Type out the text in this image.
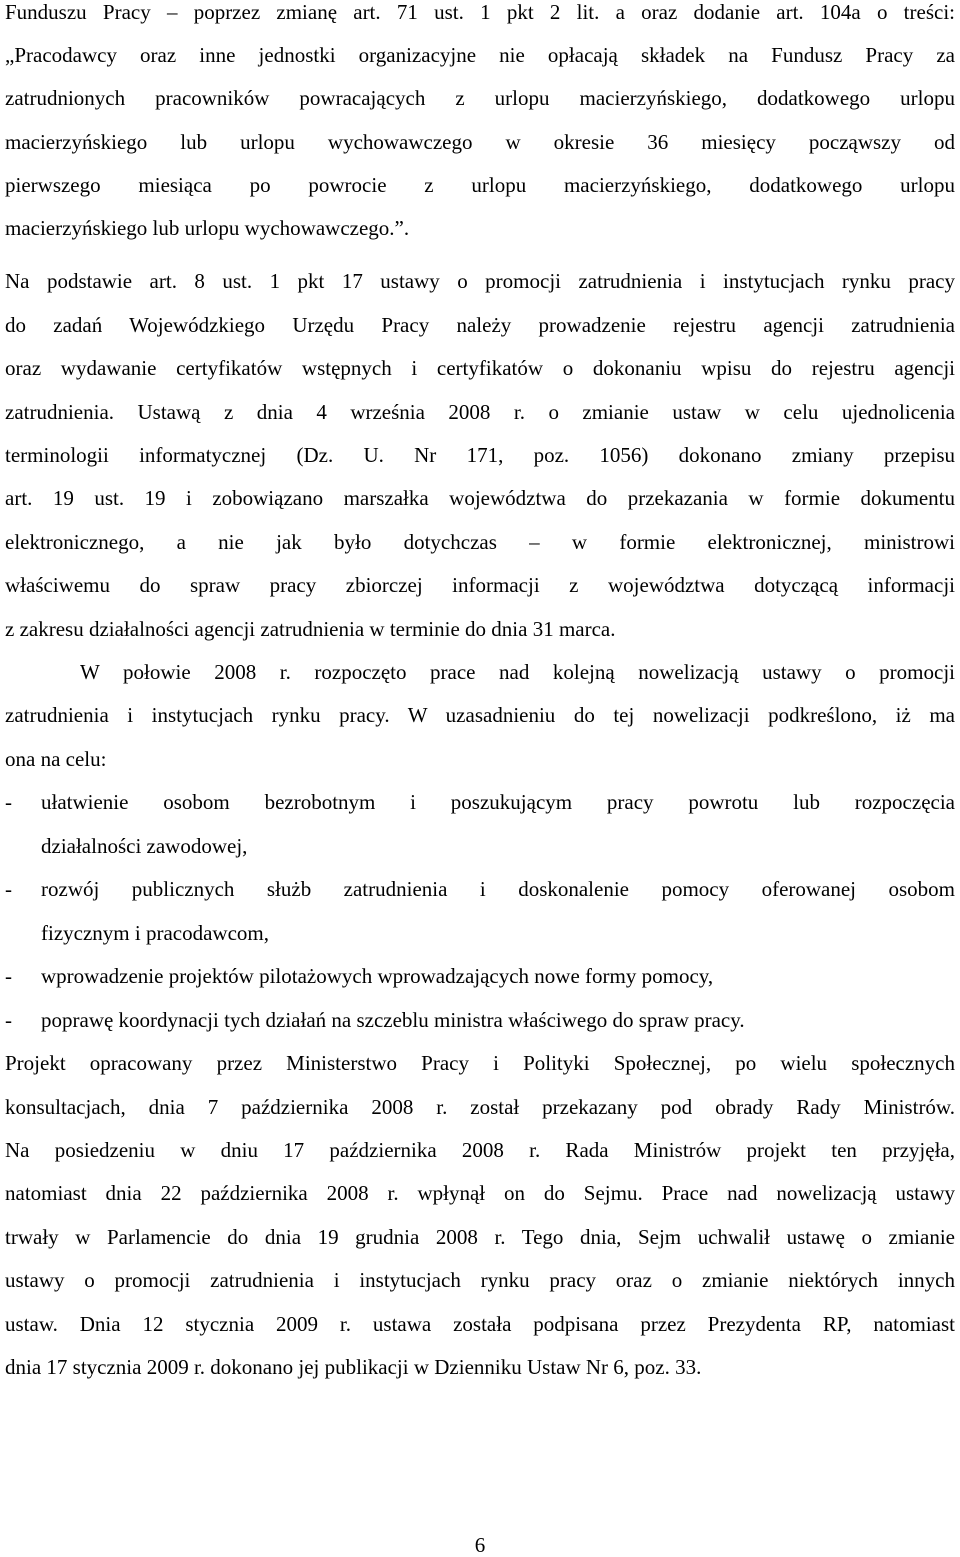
Funduszu Pracy – poprzez zmianę art. 71 ust. 1 pkt 2 lit. a oraz dodanie art. 104a o treści:
„Pracodawcy oraz inne jednostki organizacyjne nie opłacają składek na Fundusz Pracy za
zatrudnionych pracowników powracających z urlopu macierzyńskiego, dodatkowego urlopu
macierzyńskiego lub urlopu wychowawczego w okresie 36 miesięcy począwszy od
pierwszego miesiąca po powrocie z urlopu macierzyńskiego, dodatkowego urlopu
macierzyńskiego lub urlopu wychowawczego.”.
Na podstawie art. 8 ust. 1 pkt 17 ustawy o promocji zatrudnienia i instytucjach rynku pracy
do zadań Wojewódzkiego Urzędu Pracy należy prowadzenie rejestru agencji zatrudnienia
oraz wydawanie certyfikatów wstępnych i certyfikatów o dokonaniu wpisu do rejestru agencji
zatrudnienia. Ustawą z dnia 4 września 2008 r. o zmianie ustaw w celu ujednolicenia
terminologii informatycznej (Dz. U. Nr 171, poz. 1056) dokonano zmiany przepisu
art. 19 ust. 19 i zobowiązano marszałka województwa do przekazania w formie dokumentu
elektronicznego, a nie jak było dotychczas – w formie elektronicznej, ministrowi
właściwemu do spraw pracy zbiorczej informacji z województwa dotyczącą informacji
z zakresu działalności agencji zatrudnienia w terminie do dnia 31 marca.
W połowie 2008 r. rozpoczęto prace nad kolejną nowelizacją ustawy o promocji
zatrudnienia i instytucjach rynku pracy. W uzasadnieniu do tej nowelizacji podkreślono, iż ma
ona na celu:
- ułatwienie osobom bezrobotnym i poszukującym pracy powrotu lub rozpoczęcia
działalności zawodowej,
- rozwój publicznych służb zatrudnienia i doskonalenie pomocy oferowanej osobom
fizycznym i pracodawcom,
- wprowadzenie projektów pilotażowych wprowadzających nowe formy pomocy,
- poprawę koordynacji tych działań na szczeblu ministra właściwego do spraw pracy.
Projekt opracowany przez Ministerstwo Pracy i Polityki Społecznej, po wielu społecznych
konsultacjach, dnia 7 października 2008 r. został przekazany pod obrady Rady Ministrów.
Na posiedzeniu w dniu 17 października 2008 r. Rada Ministrów projekt ten przyjęła,
natomiast dnia 22 października 2008 r. wpłynął on do Sejmu. Prace nad nowelizacją ustawy
trwały w Parlamencie do dnia 19 grudnia 2008 r. Tego dnia, Sejm uchwalił ustawę o zmianie
ustawy o promocji zatrudnienia i instytucjach rynku pracy oraz o zmianie niektórych innych
ustaw. Dnia 12 stycznia 2009 r. ustawa została podpisana przez Prezydenta RP, natomiast
dnia 17 stycznia 2009 r. dokonano jej publikacji w Dzienniku Ustaw Nr 6, poz. 33.
6
